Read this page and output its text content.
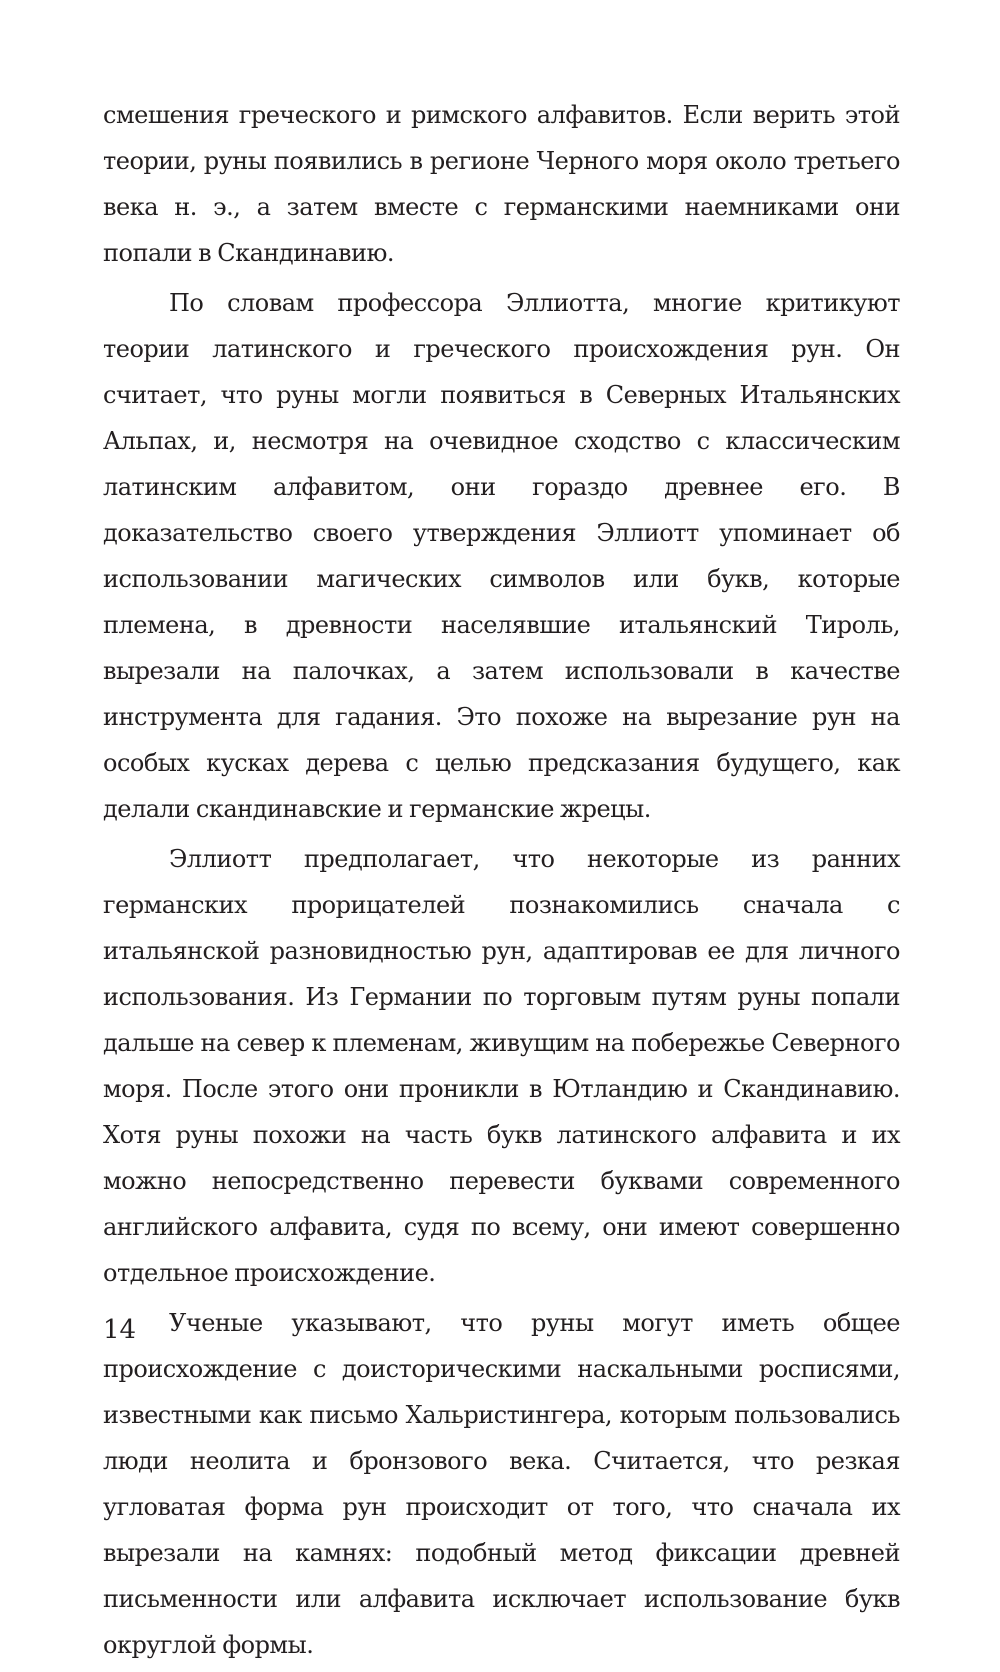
смешения греческого и римского алфавитов. Если верить этой теории, руны появились в регионе Черного моря около третьего века н. э., а затем вместе с германскими наемниками они попали в Скандинавию.

По словам профессора Эллиотта, многие критикуют теории латинского и греческого происхождения рун. Он считает, что руны могли появиться в Северных Итальянских Альпах, и, несмотря на очевидное сходство с классическим латинским алфавитом, они гораздо древнее его. В доказательство своего утверждения Эллиотт упоминает об использовании магических символов или букв, которые племена, в древности населявшие итальянский Тироль, вырезали на палочках, а затем использовали в качестве инструмента для гадания. Это похоже на вырезание рун на особых кусках дерева с целью предсказания будущего, как делали скандинавские и германские жрецы.

Эллиотт предполагает, что некоторые из ранних германских прорицателей познакомились сначала с итальянской разновидностью рун, адаптировав ее для личного использования. Из Германии по торговым путям руны попали дальше на север к племенам, живущим на побережье Северного моря. После этого они проникли в Ютландию и Скандинавию. Хотя руны похожи на часть букв латинского алфавита и их можно непосредственно перевести буквами современного английского алфавита, судя по всему, они имеют совершенно отдельное происхождение.

Ученые указывают, что руны могут иметь общее происхождение с доисторическими наскальными росписями, известными как письмо Хальристингера, которым пользовались люди неолита и бронзового века. Считается, что резкая угловатая форма рун происходит от того, что сначала их вырезали на камнях: подобный метод фиксации древней письменности или алфавита исключает использование букв округлой формы.

14
